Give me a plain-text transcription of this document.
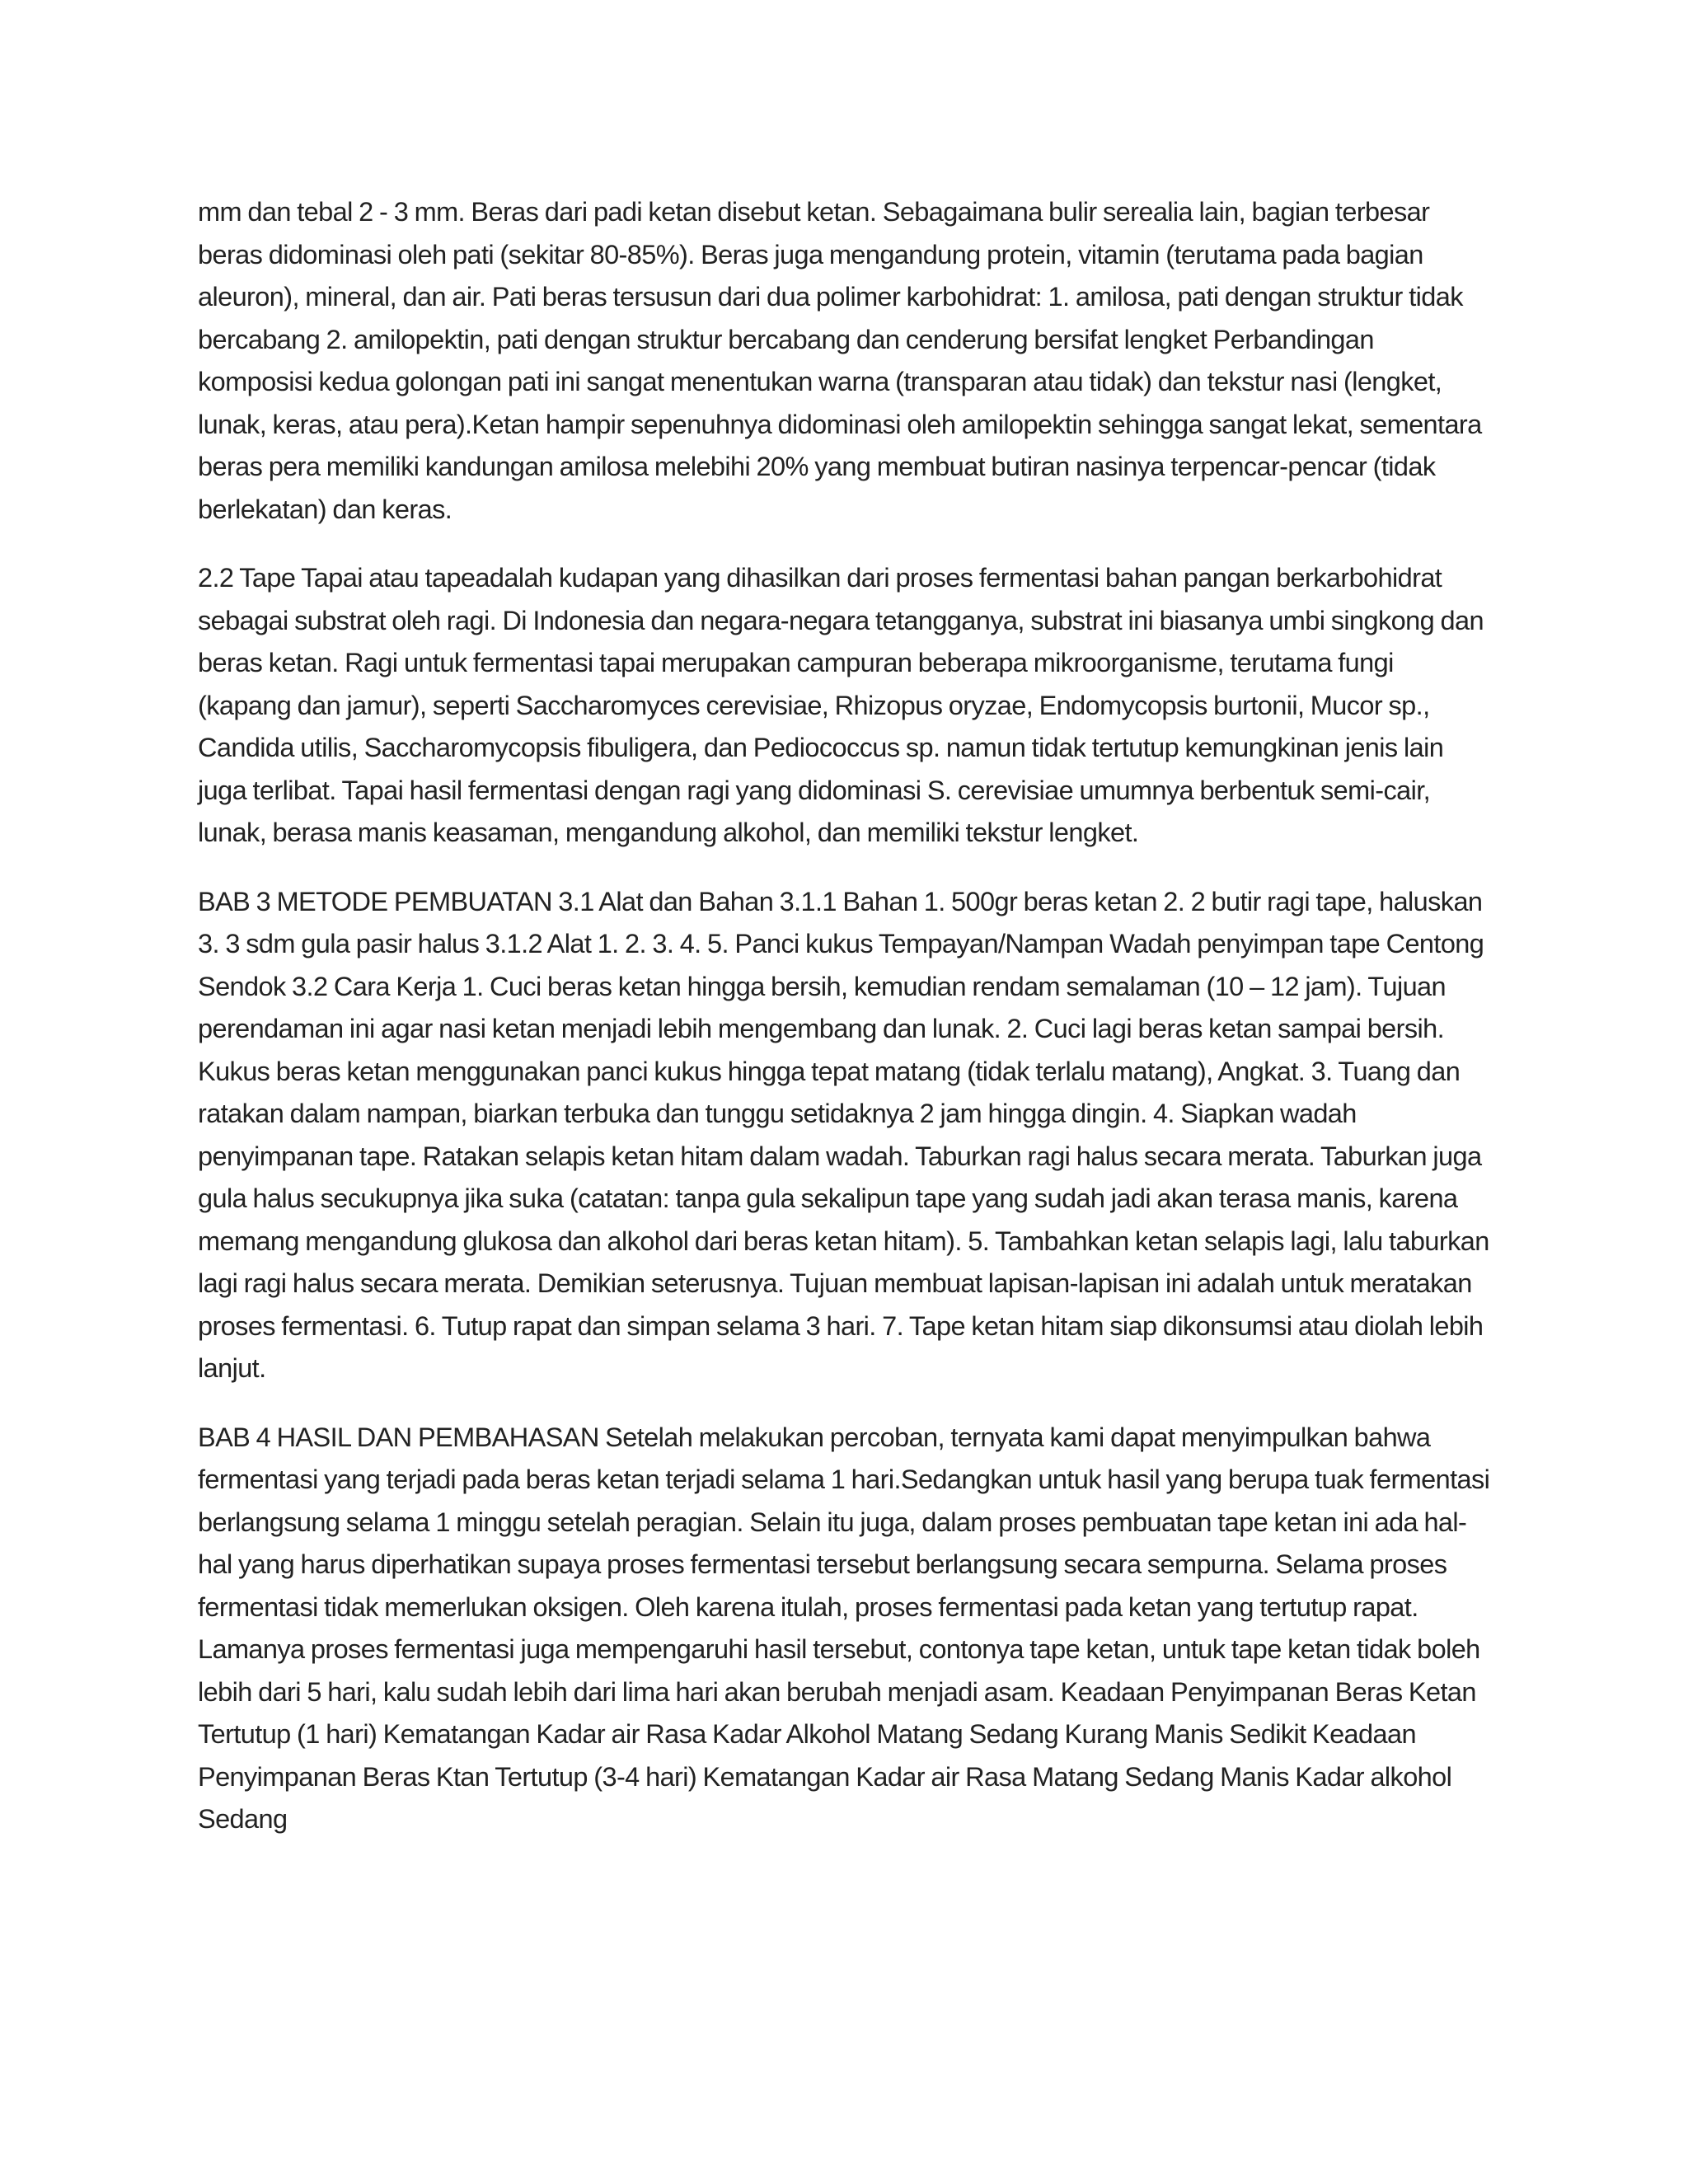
mm dan tebal 2 - 3 mm. Beras dari padi ketan disebut ketan. Sebagaimana bulir serealia lain, bagian terbesar beras didominasi oleh pati (sekitar 80-85%). Beras juga mengandung protein, vitamin (terutama pada bagian aleuron), mineral, dan air. Pati beras tersusun dari dua polimer karbohidrat: 1. amilosa, pati dengan struktur tidak bercabang 2. amilopektin, pati dengan struktur bercabang dan cenderung bersifat lengket Perbandingan komposisi kedua golongan pati ini sangat menentukan warna (transparan atau tidak) dan tekstur nasi (lengket, lunak, keras, atau pera).Ketan hampir sepenuhnya didominasi oleh amilopektin sehingga sangat lekat, sementara beras pera memiliki kandungan amilosa melebihi 20% yang membuat butiran nasinya terpencar-pencar (tidak berlekatan) dan keras.

2.2 Tape Tapai atau tapeadalah kudapan yang dihasilkan dari proses fermentasi bahan pangan berkarbohidrat sebagai substrat oleh ragi. Di Indonesia dan negara-negara tetangganya, substrat ini biasanya umbi singkong dan beras ketan. Ragi untuk fermentasi tapai merupakan campuran beberapa mikroorganisme, terutama fungi (kapang dan jamur), seperti Saccharomyces cerevisiae, Rhizopus oryzae, Endomycopsis burtonii, Mucor sp., Candida utilis, Saccharomycopsis fibuligera, dan Pediococcus sp. namun tidak tertutup kemungkinan jenis lain juga terlibat. Tapai hasil fermentasi dengan ragi yang didominasi S. cerevisiae umumnya berbentuk semi-cair, lunak, berasa manis keasaman, mengandung alkohol, dan memiliki tekstur lengket.

BAB 3 METODE PEMBUATAN 3.1 Alat dan Bahan 3.1.1 Bahan 1. 500gr beras ketan 2. 2 butir ragi tape, haluskan 3. 3 sdm gula pasir halus 3.1.2 Alat 1. 2. 3. 4. 5. Panci kukus Tempayan/Nampan Wadah penyimpan tape Centong Sendok 3.2 Cara Kerja 1. Cuci beras ketan hingga bersih, kemudian rendam semalaman (10 – 12 jam). Tujuan perendaman ini agar nasi ketan menjadi lebih mengembang dan lunak. 2. Cuci lagi beras ketan sampai bersih. Kukus beras ketan menggunakan panci kukus hingga tepat matang (tidak terlalu matang), Angkat. 3. Tuang dan ratakan dalam nampan, biarkan terbuka dan tunggu setidaknya 2 jam hingga dingin. 4. Siapkan wadah penyimpanan tape. Ratakan selapis ketan hitam dalam wadah. Taburkan ragi halus secara merata. Taburkan juga gula halus secukupnya jika suka (catatan: tanpa gula sekalipun tape yang sudah jadi akan terasa manis, karena memang mengandung glukosa dan alkohol dari beras ketan hitam). 5. Tambahkan ketan selapis lagi, lalu taburkan lagi ragi halus secara merata. Demikian seterusnya. Tujuan membuat lapisan-lapisan ini adalah untuk meratakan proses fermentasi. 6. Tutup rapat dan simpan selama 3 hari. 7. Tape ketan hitam siap dikonsumsi atau diolah lebih lanjut.

BAB 4 HASIL DAN PEMBAHASAN Setelah melakukan percoban, ternyata kami dapat menyimpulkan bahwa fermentasi yang terjadi pada beras ketan terjadi selama 1 hari.Sedangkan untuk hasil yang berupa tuak fermentasi berlangsung selama 1 minggu setelah peragian. Selain itu juga, dalam proses pembuatan tape ketan ini ada hal-hal yang harus diperhatikan supaya proses fermentasi tersebut berlangsung secara sempurna. Selama proses fermentasi tidak memerlukan oksigen. Oleh karena itulah, proses fermentasi pada ketan yang tertutup rapat. Lamanya proses fermentasi juga mempengaruhi hasil tersebut, contonya tape ketan, untuk tape ketan tidak boleh lebih dari 5 hari, kalu sudah lebih dari lima hari akan berubah menjadi asam. Keadaan Penyimpanan Beras Ketan Tertutup (1 hari) Kematangan Kadar air Rasa Kadar Alkohol Matang Sedang Kurang Manis Sedikit Keadaan Penyimpanan Beras Ktan Tertutup (3-4 hari) Kematangan Kadar air Rasa Matang Sedang Manis Kadar alkohol Sedang
